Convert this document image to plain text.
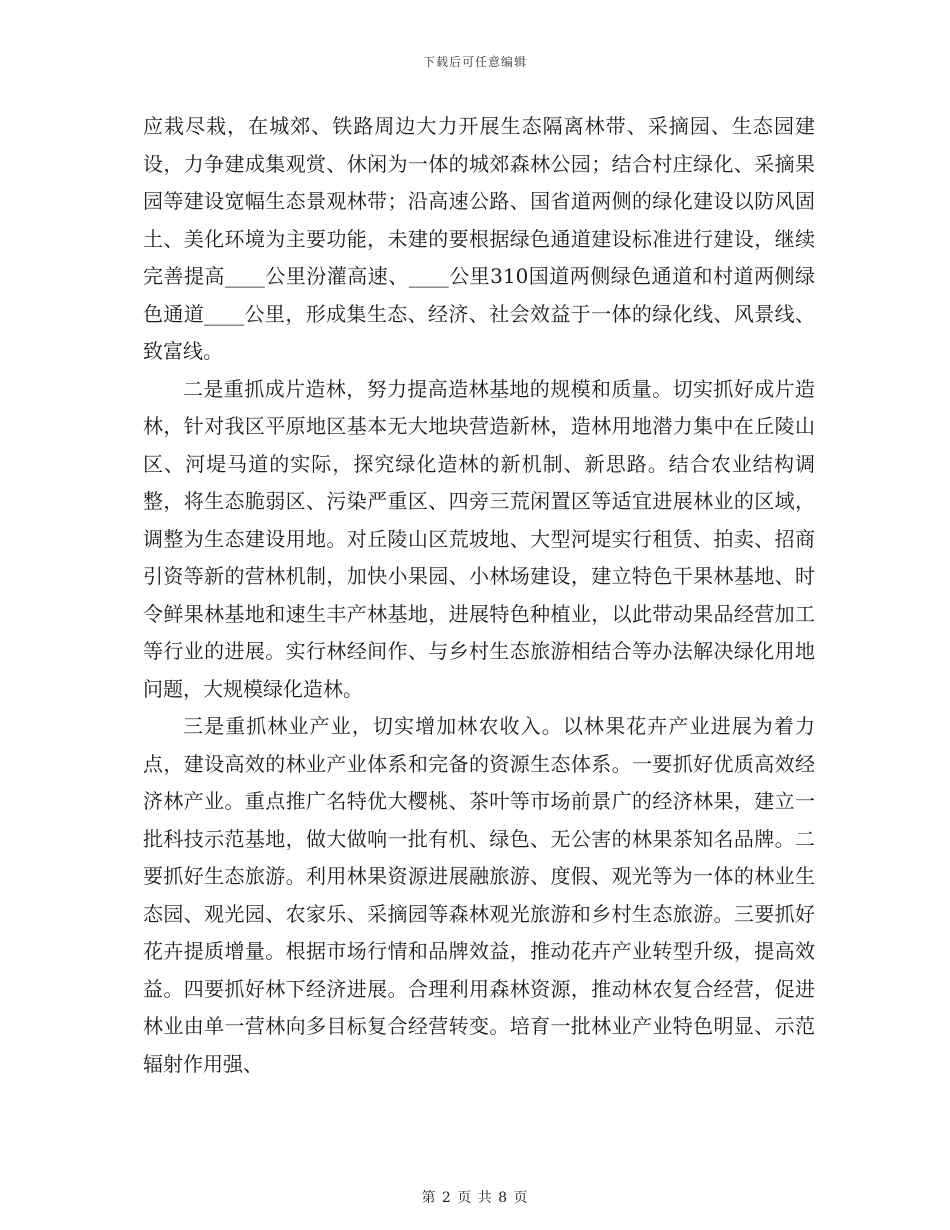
下载后可任意编辑

应栽尽栽，在城郊、铁路周边大力开展生态隔离林带、采摘园、生态园建设，力争建成集观赏、休闲为一体的城郊森林公园；结合村庄绿化、采摘果园等建设宽幅生态景观林带；沿高速公路、国省道两侧的绿化建设以防风固土、美化环境为主要功能，未建的要根据绿色通道建设标准进行建设，继续完善提高____公里汾灌高速、____公里310国道两侧绿色通道和村道两侧绿色通道____公里，形成集生态、经济、社会效益于一体的绿化线、风景线、致富线。

二是重抓成片造林，努力提高造林基地的规模和质量。切实抓好成片造林，针对我区平原地区基本无大地块营造新林，造林用地潜力集中在丘陵山区、河堤马道的实际，探究绿化造林的新机制、新思路。结合农业结构调整，将生态脆弱区、污染严重区、四旁三荒闲置区等适宜进展林业的区域，调整为生态建设用地。对丘陵山区荒坡地、大型河堤实行租赁、拍卖、招商引资等新的营林机制，加快小果园、小林场建设，建立特色干果林基地、时令鲜果林基地和速生丰产林基地，进展特色种植业，以此带动果品经营加工等行业的进展。实行林经间作、与乡村生态旅游相结合等办法解决绿化用地问题，大规模绿化造林。

三是重抓林业产业，切实增加林农收入。以林果花卉产业进展为着力点，建设高效的林业产业体系和完备的资源生态体系。一要抓好优质高效经济林产业。重点推广名特优大樱桃、茶叶等市场前景广的经济林果，建立一批科技示范基地，做大做响一批有机、绿色、无公害的林果茶知名品牌。二要抓好生态旅游。利用林果资源进展融旅游、度假、观光等为一体的林业生态园、观光园、农家乐、采摘园等森林观光旅游和乡村生态旅游。三要抓好花卉提质增量。根据市场行情和品牌效益，推动花卉产业转型升级，提高效益。四要抓好林下经济进展。合理利用森林资源，推动林农复合经营，促进林业由单一营林向多目标复合经营转变。培育一批林业产业特色明显、示范辐射作用强、

第 2 页 共 8 页
